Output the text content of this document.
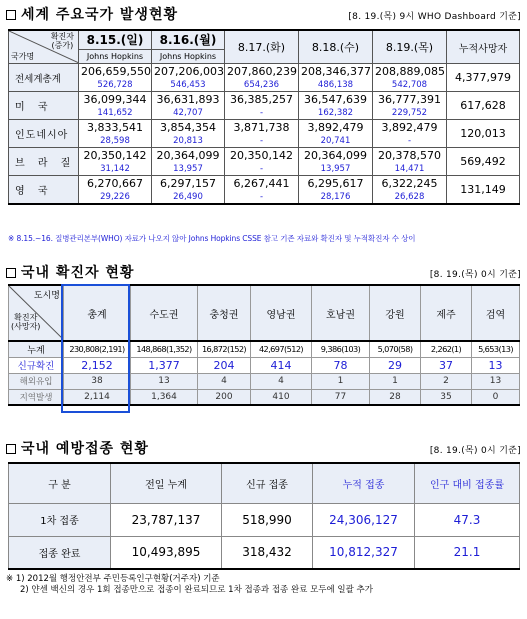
세계 주요국가 발생현황	[8. 19.(목) 9시 WHO Dashboard 기준]
확진자
(증가)
국가명	8.15.(일)	8.16.(월)	8.17.(화)	8.18.(수)	8.19.(목)	누적사망자
	Johns Hopkins	Johns Hopkins				
전세계총계	206,659,550	207,206,003	207,860,239	208,346,377	208,889,085	4,377,979
	526,728	546,453	654,236	486,138	542,708	
미 국	36,099,344	36,631,893	36,385,257	36,547,639	36,777,391	617,628
	141,652	42,707	-	162,382	229,752	
인도네시아	3,833,541	3,854,354	3,871,738	3,892,479	3,892,479	120,013
	28,598	20,813	-	20,741	-	
브 라 질	20,350,142	20,364,099	20,350,142	20,364,099	20,378,570	569,492
	31,142	13,957	-	13,957	14,471	
영 국	6,270,667	6,297,157	6,267,441	6,295,617	6,322,245	131,149
	29,226	26,490	-	28,176	26,628	
※ 8.15.~16. 질병관리본부(WHO) 자료가 나오지 않아 Johns Hopkins CSSE 참고 기존 자료와 확진자 및 누적확진자 수 상이
국내 확진자 현황	[8. 19.(목) 0시 기준]
도시명
확진자
(사망자)	총계	수도권	충청권	영남권	호남권	강원	제주	검역
누계	230,808(2,191)	148,868(1,352)	16,872(152)	42,697(512)	9,386(103)	5,070(58)	2,262(1)	5,653(13)
신규확진	2,152	1,377	204	414	78	29	37	13
해외유입	38	13	4	4	1	1	2	13
지역발생	2,114	1,364	200	410	77	28	35	0
국내 예방접종 현황	[8. 19.(목) 0시 기준]
구 분	전일 누계	신규 접종	누적 접종	인구 대비 접종률
1차 접종	23,787,137	518,990	24,306,127	47.3
접종 완료	10,493,895	318,432	10,812,327	21.1
※ 1) 2012월 행정안전부 주민등록인구현황(거주자) 기준
2) 얀센 백신의 경우 1회 접종만으로 접종이 완료되므로 1차 접종과 접종 완료 모두에 일괄 추가
